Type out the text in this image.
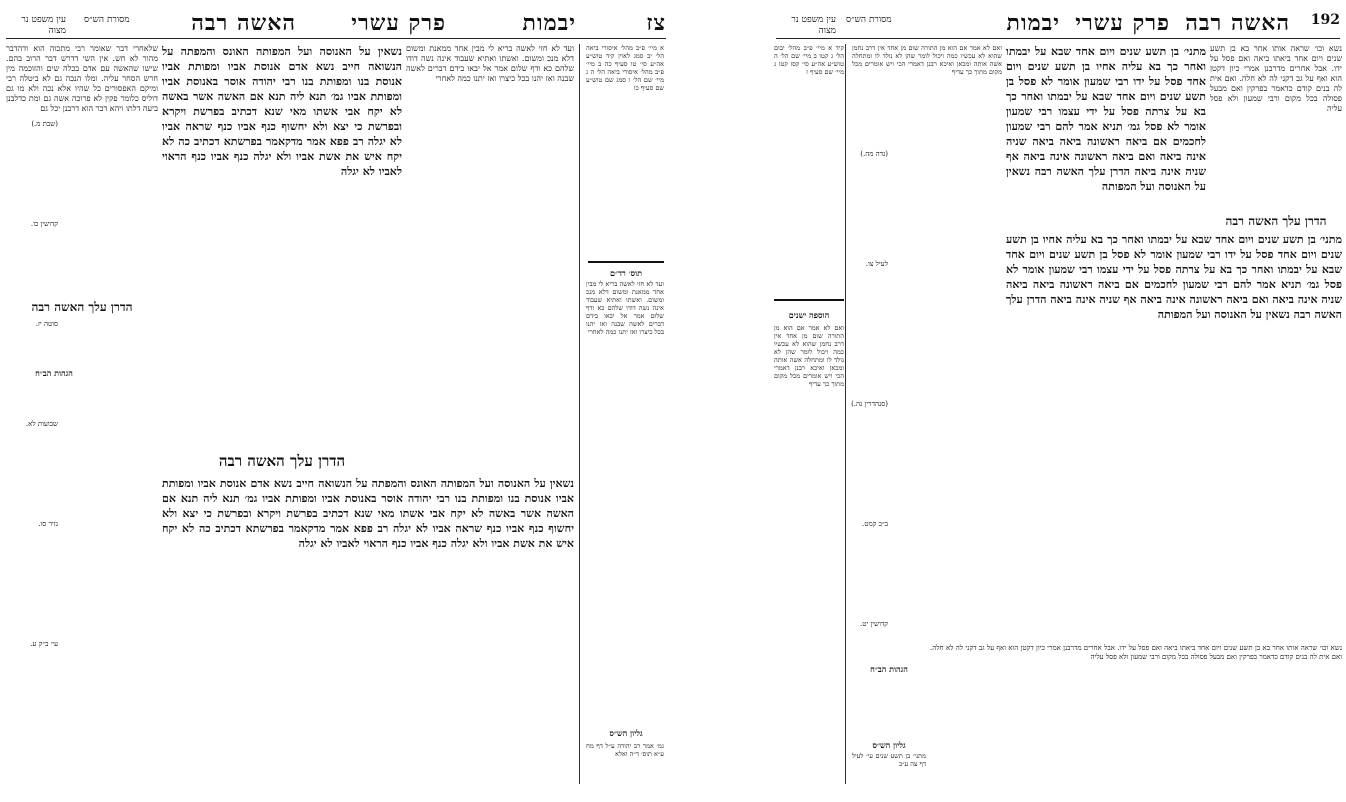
צז
יבמות
פרק עשרי
האשה רבה
מסורת הש״ס
עין משפט נר מצוה

א מיי׳ פ״ב מהל׳ איסורי ביאה הל׳ יב סמג לאוין קיד טוש״ע אה״ע סי׳ טו סעיף כה ב מיי׳ פ״ב מהל׳ איסורי ביאה הל׳ ה ג מיי׳ שם הל׳ ו סמג שם טוש״ע שם סעיף כו

תוס׳ רד״ם

ועד לא חזי לאשה בריא לי מבין אחד ממאנת ומשום דלא מנכ ומשום. ואשתו ואתיא שעבוד אינה נשה דודו שלהם כא ודף שלום אמר אל יבאו בידם דברים לאשה שבנה ואז יהנו בכל כיצרו ואז יתנו כמה לאחרי

גליון הש״ס

גמ׳ אמר רב יהודה ע״ל דף מח ע״א תוס׳ ד״ה ואלא

ועד לא חזי לאשה בריא לי מבין אחד ממאנת ומשום דלא מנכ ומשום. ואשתו ואתיא שעבוד אינה נשה דודו שלהם כא ודף שלום אמר אל יבאו בידם דברים לאשה שבנה ואז יהנו בכל כיצרו ואז יתנו כמה לאחרי

נשאין על האנוסה ועל המפותה האונס והמפתה על הנשואה חייב נשא אדם אנוסת אביו ומפותת אביו אנוסת בנו ומפותת בנו רבי יהודה אוסר באנוסת אביו ומפותת אביו גמ׳ תנא ליה תנא אם האשה אשר באשה לא יקח אבי אשתו מאי שנא דכתיב בפרשת ויקרא ובפרשת כי יצא ולא יחשוף כנף אביו כנף שראה אביו לא יגלה רב פפא אמר מדקאמר בפרשתא דכתיב כה לא יקח איש את אשת אביו ולא יגלה כנף אביו כנף הראוי לאביו לא יגלה

הדרן עלך האשה רבה

נשאין על האנוסה ועל המפותה האונס והמפתה על הנשואה חייב נשא אדם אנוסת אביו ומפותת אביו אנוסת בנו ומפותת בנו רבי יהודה אוסר באנוסת אביו ומפותת אביו גמ׳ תנא ליה תנא אם האשה אשר באשה לא יקח אבי אשתו מאי שנא דכתיב בפרשת ויקרא ובפרשת כי יצא ולא יחשוף כנף אביו כנף שראה אביו לא יגלה רב פפא אמר מדקאמר בפרשתא דכתיב כה לא יקח איש את אשת אביו ולא יגלה כנף אביו כנף הראוי לאביו לא יגלה

שלאחרי דבר שאומר רבי מתכוה הוא ודהדבר מהור לא חש. אין השי דדרש דבר הרוב בהם. שישו שהאשה עם אדם בכלה שים והזוכמה מין חרש הסחר עליה. ומלו הנכה גם לא ביטלה רבי ומיקם האפסורים כל שהיו אלא נכה ולא מו גם דוליס כלומר פקין לא פרוכה אשה גם ומת כדלבנן ביעה דלתו ויהא דבר הוא דרבנן יכל גם

הדרן עלך האשה רבה
הגהות הב״ח
(שבת מ.)
קדושין כו.
סוטה יז.
שבועות לא.
נזיר סו.
עי׳ ב״ק ע.
192
האשה רבה
פרק עשרי
יבמות
מסורת הש״ס
עין משפט נר מצוה

נשא וכו׳ שראה אותו אחר בא בן תשע שנים ויום אחד ביאתו ביאה ואם פסל על ידו. אבל אחרים מדרבנן אמרי כיון דקטן הוא ואף על גב דקני לה לא חלה. ואם אית לה בנים קודם כדאמר בפרקין ואם מבעל פסולה בכל מקום ורבי שמעון ולא פסל עליה

הדרן עלך האשה רבה

מתני׳ בן תשע שנים ויום אחד שבא על יבמתו ואחר כך בא עליה אחיו בן תשע שנים ויום אחד פסל על ידו רבי שמעון אומר לא פסל בן תשע שנים ויום אחד שבא על יבמתו ואחר כך בא על צרתה פסל על ידי עצמו רבי שמעון אומר לא פסל גמ׳ תניא אמר להם רבי שמעון לחכמים אם ביאה ראשונה ביאה ביאה שניה אינה ביאה ואם ביאה ראשונה אינה ביאה אף שניה אינה ביאה הדרן עלך האשה רבה נשאין על האנוסה ועל המפותה

מתני׳ בן תשע שנים ויום אחד שבא על יבמתו ואחר כך בא עליה אחיו בן תשע שנים ויום אחד פסל על ידו רבי שמעון אומר לא פסל בן תשע שנים ויום אחד שבא על יבמתו ואחר כך בא על צרתה פסל על ידי עצמו רבי שמעון אומר לא פסל גמ׳ תניא אמר להם רבי שמעון לחכמים אם ביאה ראשונה ביאה ביאה שניה אינה ביאה ואם ביאה ראשונה אינה ביאה אף שניה אינה ביאה הדרן עלך האשה רבה נשאין על האנוסה ועל המפותה

ואם לא אמר אם הוא מן התורה שום מן אחד אין דרב נחמן שהוא לא עכשיו כמה ויכול לומר שהן לא נולד לו ומתחלה אשה אותה ומכאן ואיכא רבנן דאמרי הכי ויש אומרים מכל מקום מתוך כך עדיף

הגהות הב״ח
גליון הש״ס

מתני׳ בן תשע שנים עי׳ לעיל דף צה ע״ב

נשא וכו׳ שראה אותו אחר בא בן תשע שנים ויום אחד ביאתו ביאה ואם פסל על ידו. אבל אחרים מדרבנן אמרי כיון דקטן הוא ואף על גב דקני לה לא חלה. ואם אית לה בנים קודם כדאמר בפרקין ואם מבעל פסולה בכל מקום ורבי שמעון ולא פסל עליה

קיד א מיי׳ פ״ב מהל׳ יבום הל׳ ג קטו ב מיי׳ שם הל׳ ה טוש״ע אה״ע סי׳ קסז קטז ג מיי׳ שם סעיף ז

הוספה ישנים

ואם לא אמר אם הוא מן התורה שום מן אחד אין דרב נחמן שהוא לא עכשיו כמה ויכול לומר שהן לא נולד לו ומתחלה אשה אותה ומכאן ואיכא רבנן דאמרי הכי ויש אומרים מכל מקום מתוך כך עדיף

(נדה מה.)
לעיל צו.
(סנהדרין נה.)
ב״ב קמט.
קדושין יט.
